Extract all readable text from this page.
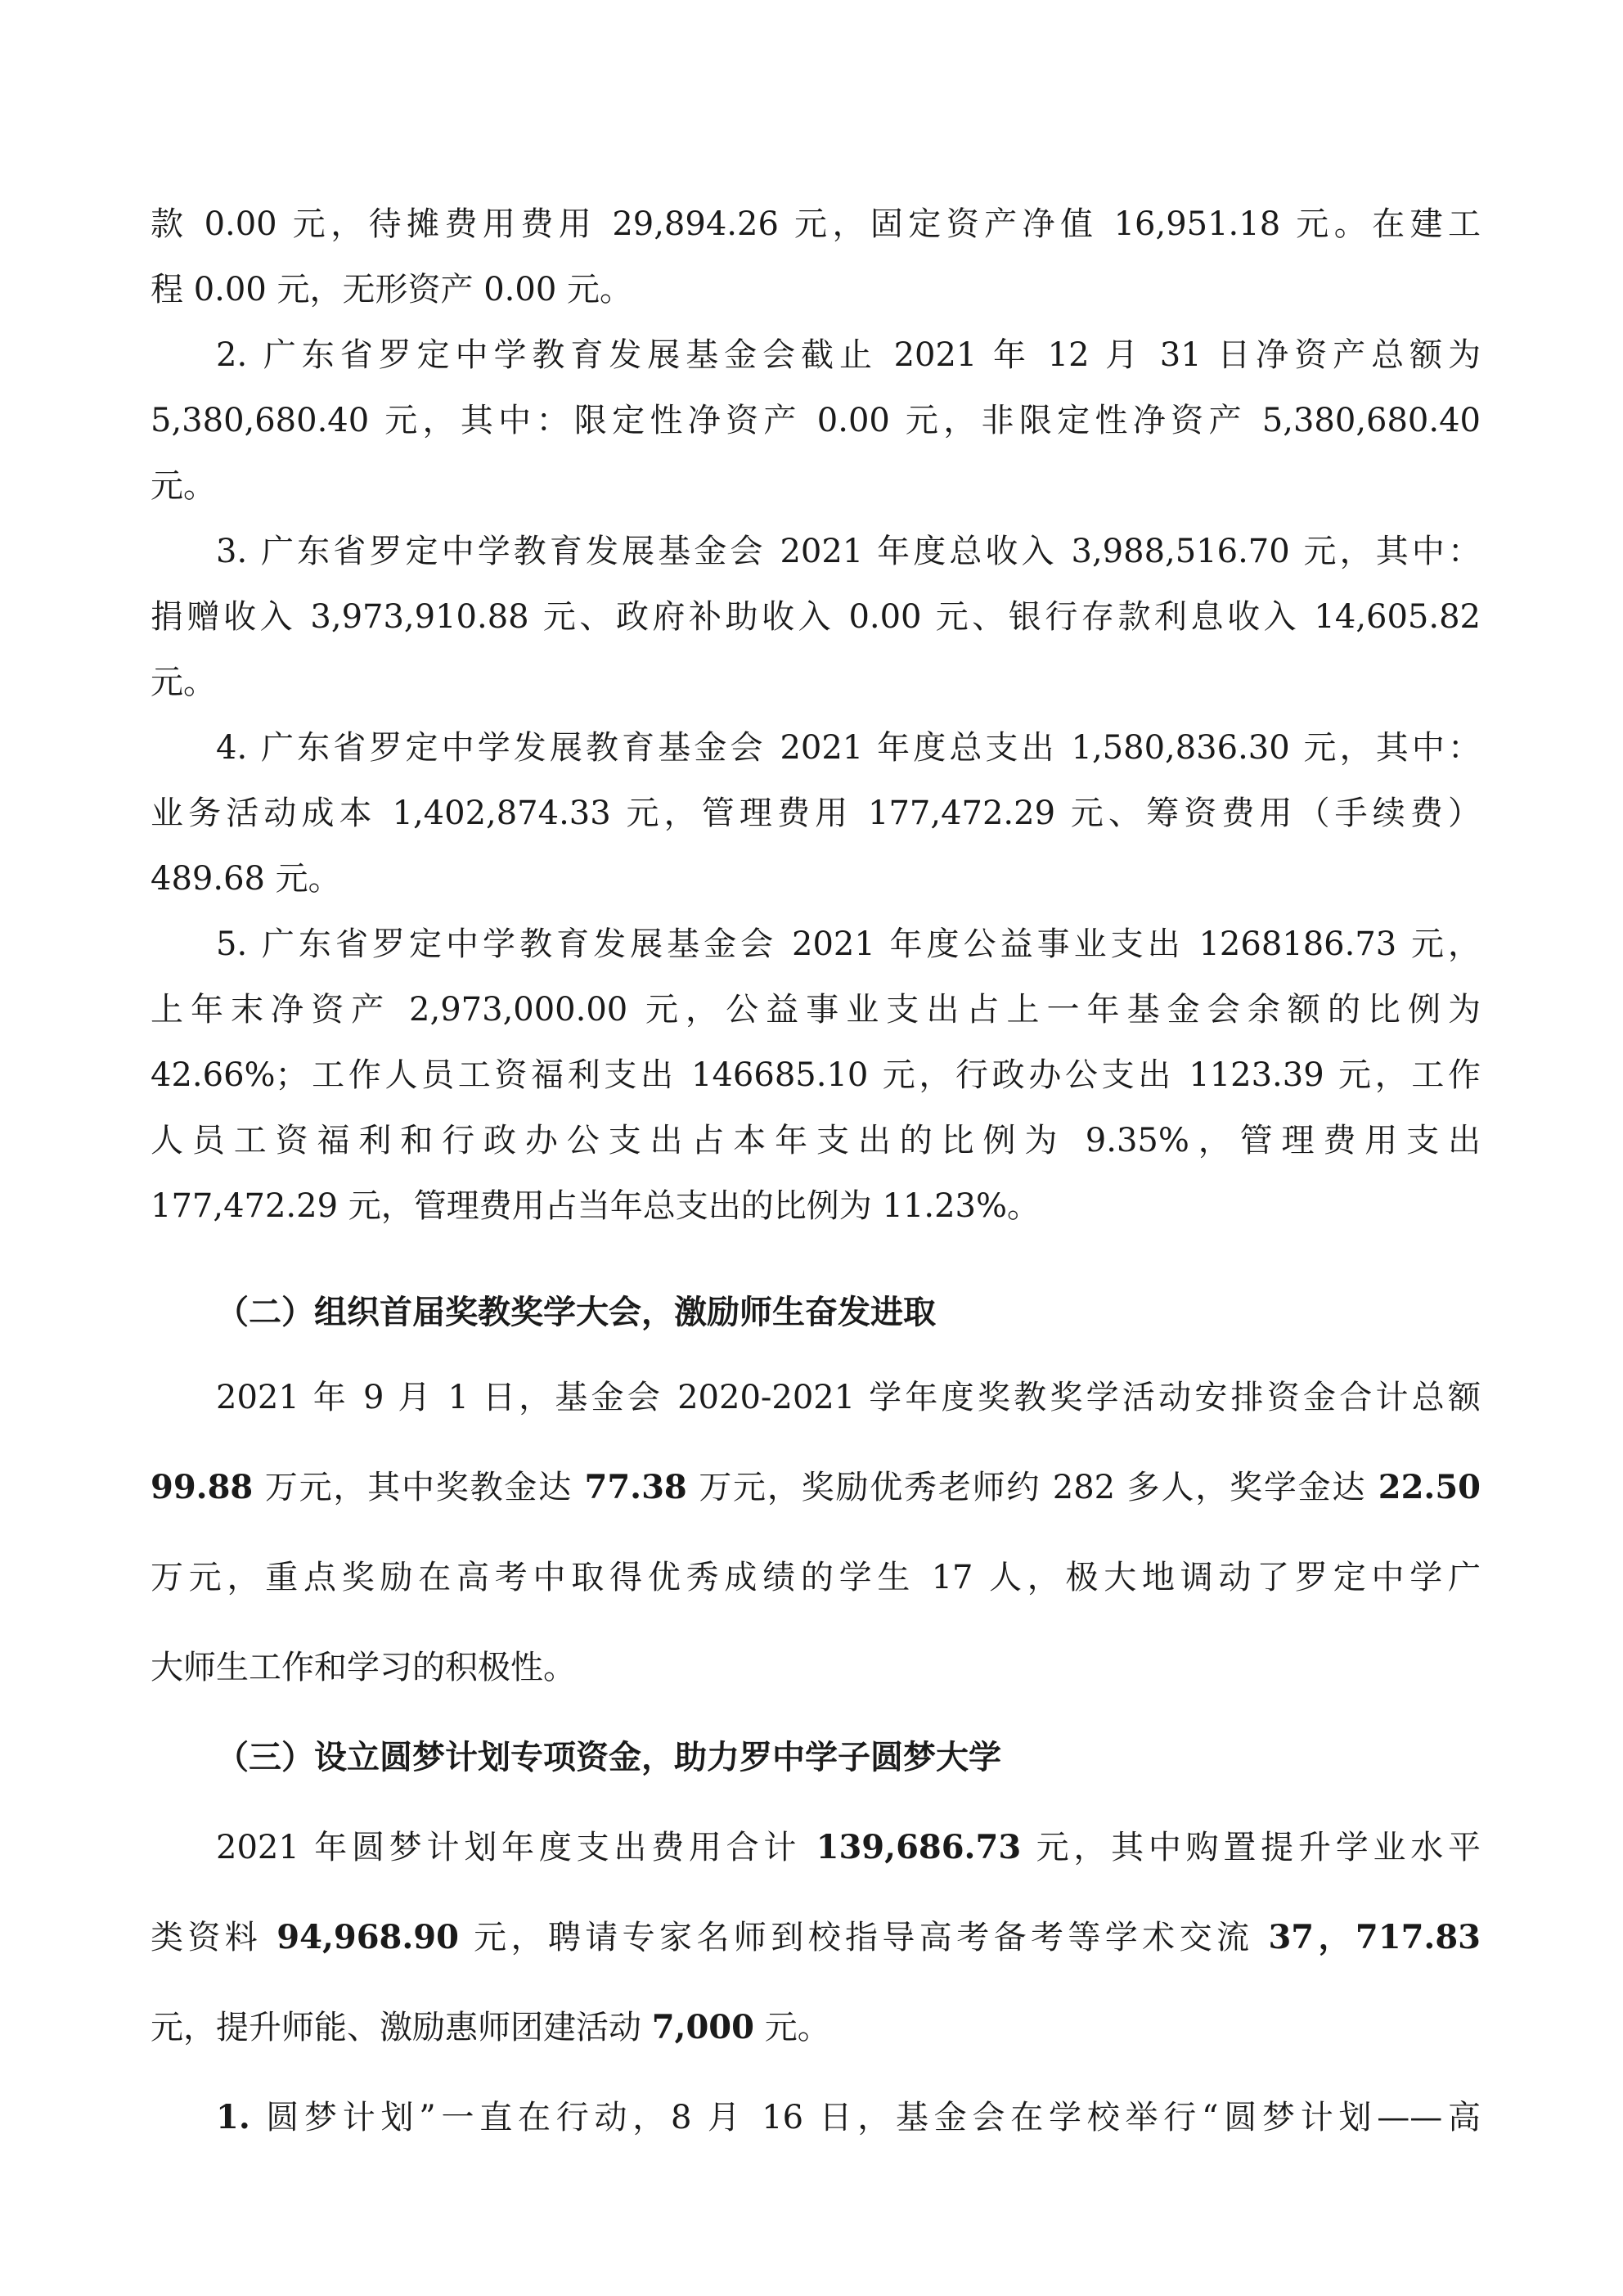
款 0.00 元，待摊费用费用 29,894.26 元，固定资产净值 16,951.18 元。在建工
程 0.00 元，无形资产 0.00 元。
2. 广东省罗定中学教育发展基金会截止 2021 年 12 月 31 日净资产总额为
5,380,680.40 元，其中：限定性净资产 0.00 元，非限定性净资产 5,380,680.40
元。
3. 广东省罗定中学教育发展基金会 2021 年度总收入 3,988,516.70 元，其中：
捐赠收入 3,973,910.88 元、政府补助收入 0.00 元、银行存款利息收入 14,605.82
元。
4. 广东省罗定中学发展教育基金会 2021 年度总支出 1,580,836.30 元，其中：
业务活动成本 1,402,874.33 元，管理费用 177,472.29 元、筹资费用（手续费）
489.68 元。
5. 广东省罗定中学教育发展基金会 2021 年度公益事业支出 1268186.73 元，
上年末净资产 2,973,000.00 元，公益事业支出占上一年基金会余额的比例为
42.66%；工作人员工资福利支出 146685.10 元，行政办公支出 1123.39 元，工作
人员工资福利和行政办公支出占本年支出的比例为 9.35%，管理费用支出
177,472.29 元，管理费用占当年总支出的比例为 11.23%。
（二）组织首届奖教奖学大会，激励师生奋发进取
2021 年 9 月 1 日，基金会 2020-2021 学年度奖教奖学活动安排资金合计总额
99.88 万元，其中奖教金达 77.38 万元，奖励优秀老师约 282 多人，奖学金达 22.50
万元，重点奖励在高考中取得优秀成绩的学生 17 人，极大地调动了罗定中学广
大师生工作和学习的积极性。
（三）设立圆梦计划专项资金，助力罗中学子圆梦大学
2021 年圆梦计划年度支出费用合计 139,686.73 元，其中购置提升学业水平
类资料 94,968.90 元，聘请专家名师到校指导高考备考等学术交流 37，717.83
元，提升师能、激励惠师团建活动 7,000 元。
1. 圆梦计划”一直在行动，8 月 16 日，基金会在学校举行“圆梦计划——高
